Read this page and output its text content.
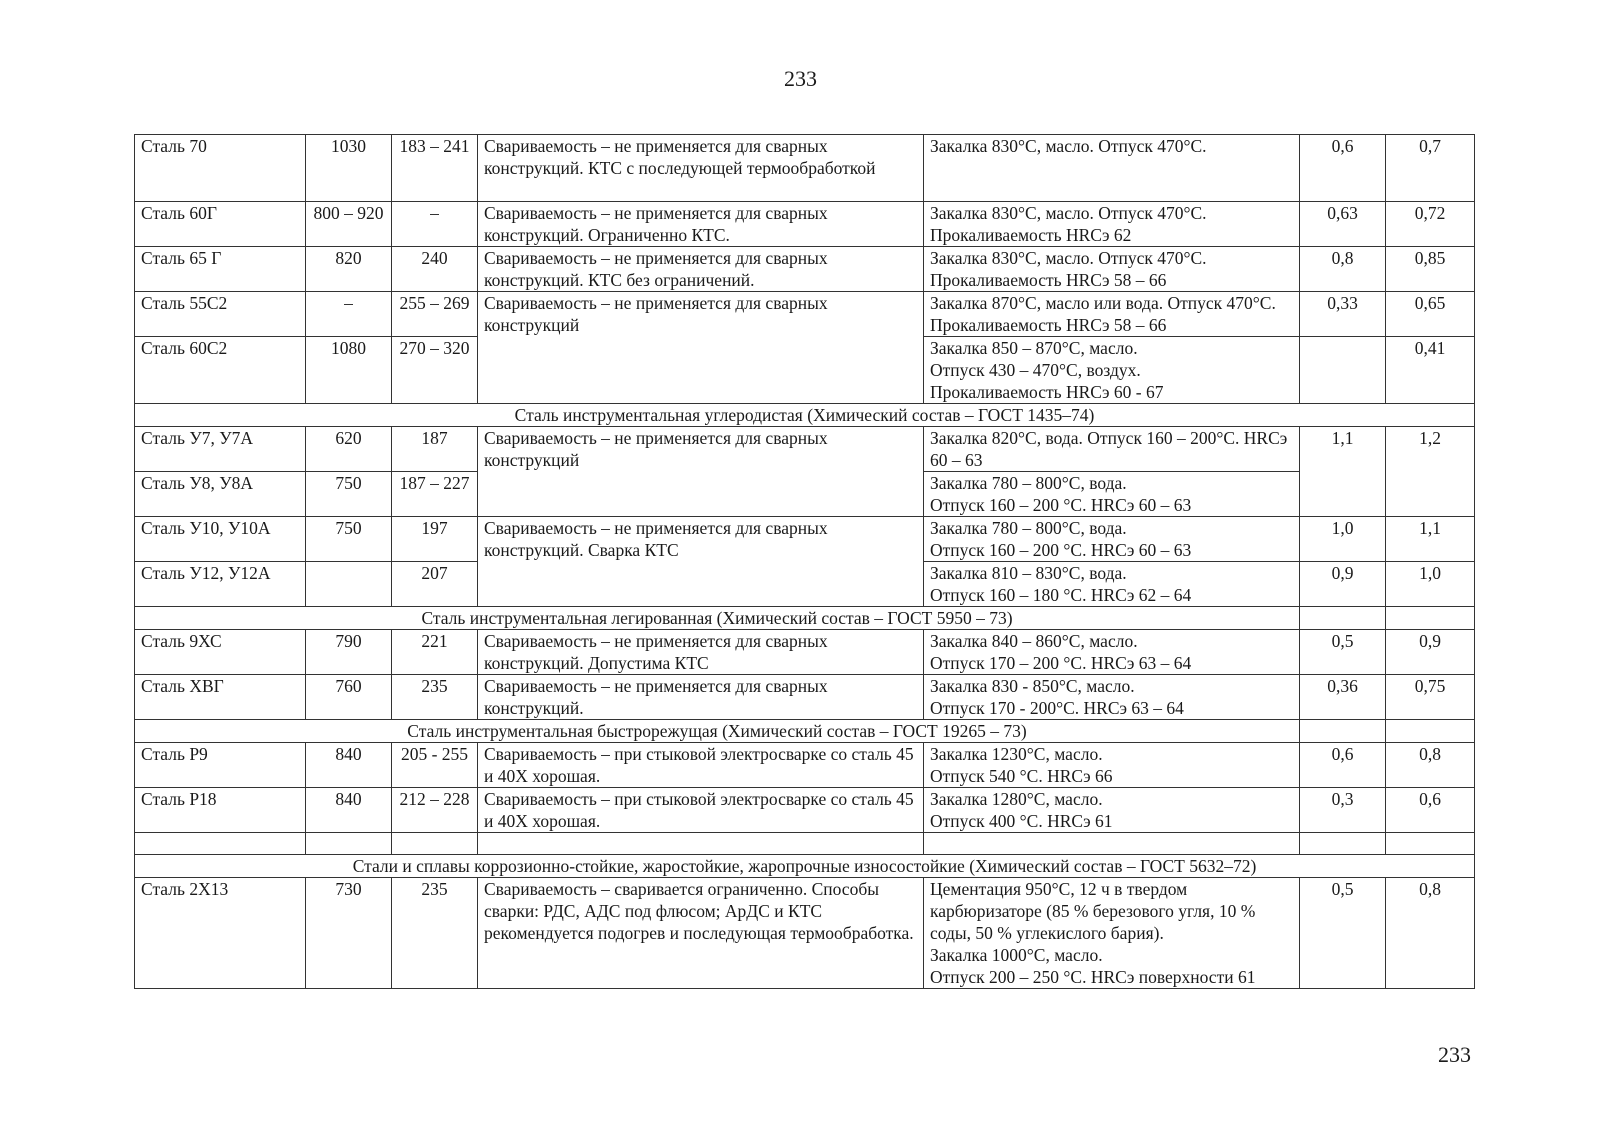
233
Сталь 70	1030	183 – 241	Свариваемость – не применяется для сварных конструкций. КТС с последующей термообработкой	Закалка 830°С, масло. Отпуск 470°С.	0,6	0,7
Сталь 60Г	800 – 920	–	Свариваемость – не применяется для сварных конструкций. Ограниченно КТС.	Закалка 830°С, масло. Отпуск 470°С. Прокаливаемость HRCэ 62	0,63	0,72
Сталь 65 Г	820	240	Свариваемость – не применяется для сварных конструкций. КТС без ограничений.	Закалка 830°С, масло. Отпуск 470°С. Прокаливаемость HRCэ 58 – 66	0,8	0,85
Сталь 55С2	–	255 – 269	Свариваемость – не применяется для сварных конструкций	Закалка 870°С, масло или вода. Отпуск 470°С. Прокаливаемость HRCэ 58 – 66	0,33	0,65
Сталь 60С2	1080	270 – 320		Закалка 850 – 870°С, масло.
Отпуск 430 – 470°С, воздух.
Прокаливаемость HRCэ 60 - 67		0,41
Сталь инструментальная углеродистая (Химический состав – ГОСТ 1435–74)						
Сталь У7, У7А	620	187	Свариваемость – не применяется для сварных конструкций	Закалка 820°С, вода. Отпуск 160 – 200°С. HRCэ 60 – 63	1,1	1,2
Сталь У8, У8А	750	187 – 227		Закалка 780 – 800°С, вода.
Отпуск 160 – 200 °С. HRCэ 60 – 63		

Сталь У10, У10А	750	197	Свариваемость – не применяется для сварных конструкций. Сварка КТС	Закалка 780 – 800°С, вода.
Отпуск 160 – 200 °С. HRCэ 60 – 63	1,0	1,1
Сталь У12, У12А		207		Закалка 810 – 830°С, вода.
Отпуск 160 – 180 °С. HRCэ 62 – 64	0,9	1,0
Сталь инструментальная легированная (Химический состав – ГОСТ 5950 – 73)						
Сталь 9ХС	790	221	Свариваемость – не применяется для сварных конструкций. Допустима КТС	Закалка 840 – 860°С, масло.
Отпуск 170 – 200 °С. HRCэ 63 – 64	0,5	0,9
Сталь ХВГ	760	235	Свариваемость – не применяется для сварных конструкций.	Закалка 830 - 850°С, масло.
Отпуск 170 - 200°С. HRCэ 63 – 64	0,36	0,75
Сталь инструментальная быстрорежущая (Химический состав – ГОСТ 19265 – 73)						
Сталь Р9	840	205 - 255	Свариваемость – при стыковой электросварке со сталь 45 и 40Х хорошая.	Закалка 1230°С, масло.
Отпуск 540 °С. HRCэ 66	0,6	0,8
Сталь Р18	840	212 – 228	Свариваемость – при стыковой электросварке со сталь 45 и 40Х хорошая.	Закалка 1280°С, масло.
Отпуск 400 °С. HRCэ 61	0,3	0,6

Стали и сплавы коррозионно-стойкие, жаростойкие, жаропрочные износостойкие (Химический состав – ГОСТ 5632–72)						
Сталь 2Х13	730	235	Свариваемость – сваривается ограниченно. Способы сварки: РДС, АДС под флюсом; АрДС и КТС рекомендуется подогрев и последующая термообработка.	Цементация 950°С, 12 ч в твердом карбюризаторе (85 % березового угля, 10 % соды, 50 % углекислого бария).
Закалка 1000°С, масло.
Отпуск 200 – 250 °С. HRCэ поверхности 61	0,5	0,8
233
